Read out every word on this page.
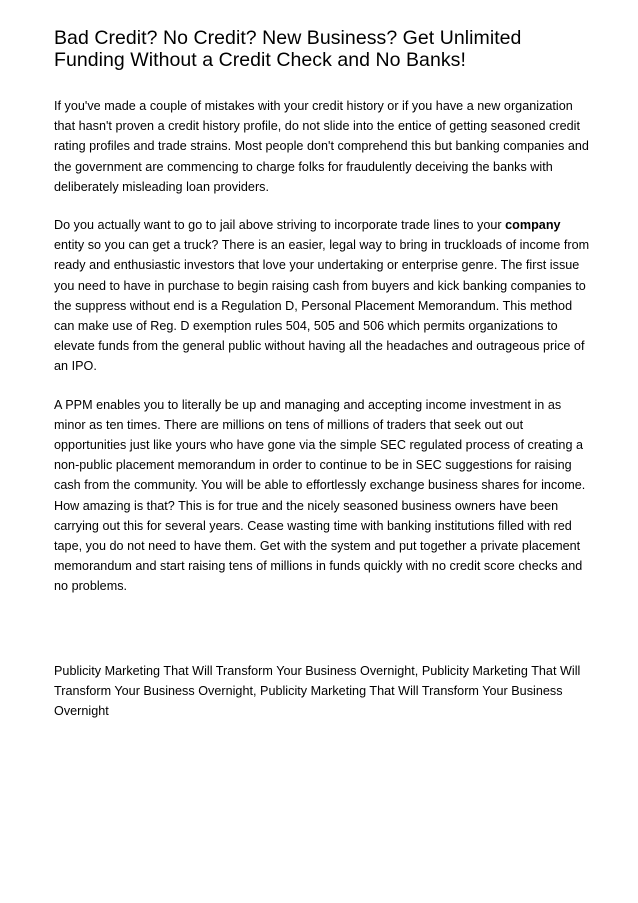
Bad Credit? No Credit? New Business? Get Unlimited Funding Without a Credit Check and No Banks!

If you've made a couple of mistakes with your credit history or if you have a new organization that hasn't proven a credit history profile, do not slide into the entice of getting seasoned credit rating profiles and trade strains. Most people don't comprehend this but banking companies and the government are commencing to charge folks for fraudulently deceiving the banks with deliberately misleading loan providers.

Do you actually want to go to jail above striving to incorporate trade lines to your company entity so you can get a truck? There is an easier, legal way to bring in truckloads of income from ready and enthusiastic investors that love your undertaking or enterprise genre. The first issue you need to have in purchase to begin raising cash from buyers and kick banking companies to the suppress without end is a Regulation D, Personal Placement Memorandum. This method can make use of Reg. D exemption rules 504, 505 and 506 which permits organizations to elevate funds from the general public without having all the headaches and outrageous price of an IPO.

A PPM enables you to literally be up and managing and accepting income investment in as minor as ten times. There are millions on tens of millions of traders that seek out out opportunities just like yours who have gone via the simple SEC regulated process of creating a non-public placement memorandum in order to continue to be in SEC suggestions for raising cash from the community. You will be able to effortlessly exchange business shares for income. How amazing is that? This is for true and the nicely seasoned business owners have been carrying out this for several years. Cease wasting time with banking institutions filled with red tape, you do not need to have them. Get with the system and put together a private placement memorandum and start raising tens of millions in funds quickly with no credit score checks and no problems.

Publicity Marketing That Will Transform Your Business Overnight, Publicity Marketing That Will Transform Your Business Overnight, Publicity Marketing That Will Transform Your Business Overnight
